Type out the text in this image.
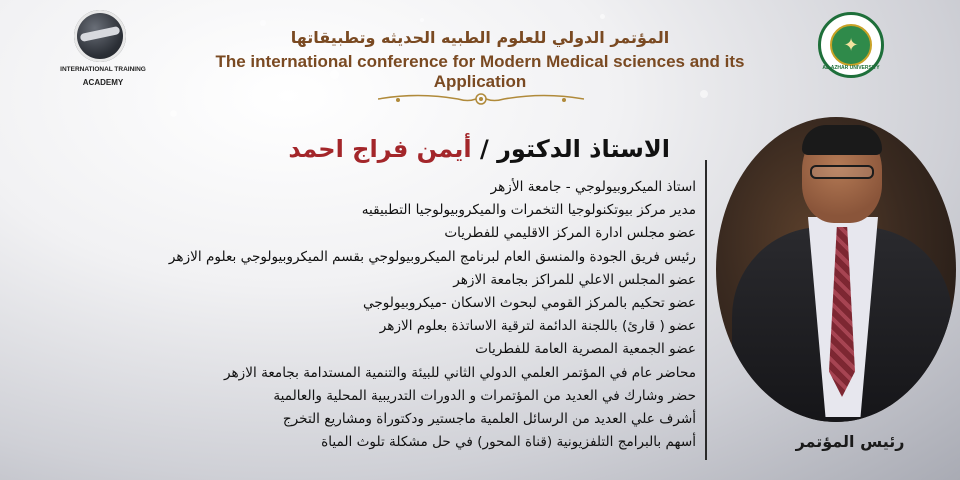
INTERNATIONAL TRAINING
ACADEMY
المؤتمر الدولي للعلوم الطبيه الحديثه وتطبيقاتها
The international conference for Modern Medical sciences and its Application
✦
AL-AZHAR UNIVERSITY
الاستاذ الدكتور / أيمن فراج احمد
استاذ الميكروبيولوجي - جامعة الأزهر
مدير مركز بيوتكنولوجيا التخمرات والميكروبيولوجيا التطبيقيه
عضو مجلس ادارة المركز الاقليمي للفطريات
رئيس فريق الجودة والمنسق العام لبرنامج الميكروبيولوجي بقسم الميكروبيولوجي بعلوم الازهر
عضو المجلس الاعلي للمراكز بجامعة الازهر
عضو تحكيم بالمركز القومي لبحوث الاسكان -ميكروبيولوجي
عضو ( قارئ) باللجنة الدائمة لترقية الاساتذة بعلوم الازهر
عضو الجمعية المصرية العامة للفطريات
محاضر عام في المؤتمر العلمي الدولي الثاني للبيئة والتنمية المستدامة بجامعة الازهر
حضر وشارك في العديد من المؤتمرات و الدورات التدريبية المحلية والعالمية
أشرف علي العديد من الرسائل العلمية ماجستير ودكتوراة ومشاريع التخرج
أسهم بالبرامج التلفزيونية (قناة المحور) في حل مشكلة تلوث المياة	رئيس المؤتمر
